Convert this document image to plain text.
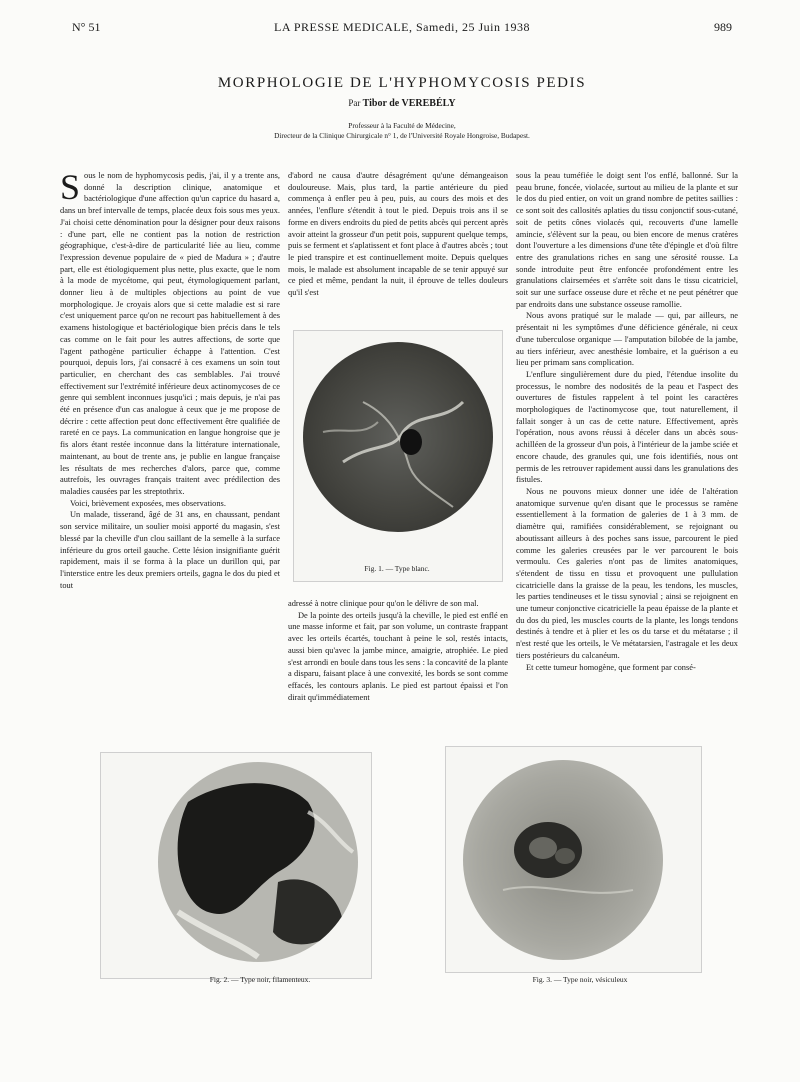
N° 51	LA PRESSE MEDICALE, Samedi, 25 Juin 1938	989
MORPHOLOGIE DE L'HYPHOMYCOSIS PEDIS
Par Tibor de VEREBÉLY
Professeur à la Faculté de Médecine,
Directeur de la Clinique Chirurgicale n° 1, de l'Université Royale Hongroise, Budapest.

Sous le nom de hyphomycosis pedis, j'ai, il y a trente ans, donné la description clinique, anatomique et bactériologique d'une affection qu'un caprice du hasard a, dans un bref intervalle de temps, placée deux fois sous mes yeux. J'ai choisi cette dénomination pour la désigner pour deux raisons : d'une part, elle ne contient pas la notion de restriction géographique, c'est-à-dire de particularité liée au lieu, comme l'expression devenue populaire de « pied de Madura » ; d'autre part, elle est étiologiquement plus nette, plus exacte, que le nom à la mode de mycétome, qui peut, étymologiquement parlant, donner lieu à de multiples objections au point de vue morphologique. Je croyais alors que si cette maladie est si rare c'est uniquement parce qu'on ne recourt pas habituellement à des examens histologique et bactériologique bien précis dans le tels cas comme on le fait pour les autres affections, de sorte que l'agent pathogène particulier échappe à l'attention. C'est pourquoi, depuis lors, j'ai consacré à ces examens un soin tout particulier, en cherchant des cas semblables. J'ai trouvé effectivement sur l'extrémité inférieure deux actinomycoses de ce genre qui semblent inconnues jusqu'ici ; mais depuis, je n'ai pas été en présence d'un cas analogue à ceux que je me propose de décrire : cette affection peut donc effectivement être qualifiée de rareté en ce pays. La communication en langue hongroise que je fis alors étant restée inconnue dans la littérature internationale, maintenant, au bout de trente ans, je publie en langue française les résultats de mes recherches d'alors, parce que, comme autrefois, les ouvrages français traitent avec prédilection des maladies causées par les streptothrix.

Voici, brièvement exposées, mes observations.

Un malade, tisserand, âgé de 31 ans, en chaussant, pendant son service militaire, un soulier moisi apporté du magasin, s'est blessé par la cheville d'un clou saillant de la semelle à la surface inférieure du gros orteil gauche. Cette lésion insignifiante guérit rapidement, mais il se forma à la place un durillon qui, par l'interstice entre les deux premiers orteils, gagna le dos du pied et tout

d'abord ne causa d'autre désagrément qu'une démangeaison douloureuse. Mais, plus tard, la partie antérieure du pied commença à enfler peu à peu, puis, au cours des mois et des années, l'enflure s'étendit à tout le pied. Depuis trois ans il se forme en divers endroits du pied de petits abcès qui percent après avoir atteint la grosseur d'un petit pois, suppurent quelque temps, puis se ferment et s'aplatissent et font place à d'autres abcès ; tout le pied transpire et est continuellement moite. Depuis quelques mois, le malade est absolument incapable de se tenir appuyé sur ce pied et même, pendant la nuit, il éprouve de telles douleurs qu'il s'est

Fig. 1. — Type blanc.

adressé à notre clinique pour qu'on le délivre de son mal.

De la pointe des orteils jusqu'à la cheville, le pied est enflé en une masse informe et fait, par son volume, un contraste frappant avec les orteils écartés, touchant à peine le sol, restés intacts, aussi bien qu'avec la jambe mince, amaigrie, atrophiée. Le pied s'est arrondi en boule dans tous les sens : la concavité de la plante a disparu, faisant place à une convexité, les bords se sont comme effacés, les contours aplanis. Le pied est partout épaissi et l'on dirait qu'immédiatement

sous la peau tuméfiée le doigt sent l'os enflé, ballonné. Sur la peau brune, foncée, violacée, surtout au milieu de la plante et sur le dos du pied entier, on voit un grand nombre de petites saillies : ce sont soit des callosités aplaties du tissu conjonctif sous-cutané, soit de petits cônes violacés qui, recouverts d'une lamelle amincie, s'élèvent sur la peau, ou bien encore de menus cratères dont l'ouverture a les dimensions d'une tête d'épingle et d'où filtre entre des granulations riches en sang une sérosité rousse. La sonde introduite peut être enfoncée profondément entre les granulations clairsemées et s'arrête soit dans le tissu cicatriciel, soit sur une surface osseuse dure et rêche et ne peut pénétrer que par endroits dans une substance osseuse ramollie.

Nous avons pratiqué sur le malade — qui, par ailleurs, ne présentait ni les symptômes d'une déficience générale, ni ceux d'une tuberculose organique — l'amputation bilobée de la jambe, au tiers inférieur, avec anesthésie lombaire, et la guérison a eu lieu per primam sans complication.

L'enflure singulièrement dure du pied, l'étendue insolite du processus, le nombre des nodosités de la peau et l'aspect des ouvertures de fistules rappelent à tel point les caractères morphologiques de l'actinomycose que, tout naturellement, il fallait songer à un cas de cette nature. Effectivement, après l'opération, nous avons réussi à déceler dans un abcès sous-achilléen de la grosseur d'un pois, à l'intérieur de la jambe sciée et encore chaude, des granules qui, une fois identifiés, nous ont permis de les retrouver rapidement aussi dans les granulations des fistules.

Nous ne pouvons mieux donner une idée de l'altération anatomique survenue qu'en disant que le processus se ramène essentiellement à la formation de galeries de 1 à 3 mm. de diamètre qui, ramifiées considérablement, se rejoignant ou aboutissant ailleurs à des poches sans issue, parcourent le pied comme les galeries creusées par le ver parcourent le bois vermoulu. Ces galeries n'ont pas de limites anatomiques, s'étendent de tissu en tissu et provoquent une pullulation cicatricielle dans la graisse de la peau, les tendons, les muscles, les parties tendineuses et le tissu synovial ; ainsi se rejoignent en une tumeur conjonctive cicatricielle la peau épaisse de la plante et du dos du pied, les muscles courts de la plante, les longs tendons destinés à tendre et à plier et les os du tarse et du métatarse ; il n'est resté que les orteils, le Ve métatarsien, l'astragale et les deux tiers postérieurs du calcanéum.

Et cette tumeur homogène, que forment par consé-

Fig. 2. — Type noir, filamenteux.	Fig. 3. — Type noir, vésiculeux
